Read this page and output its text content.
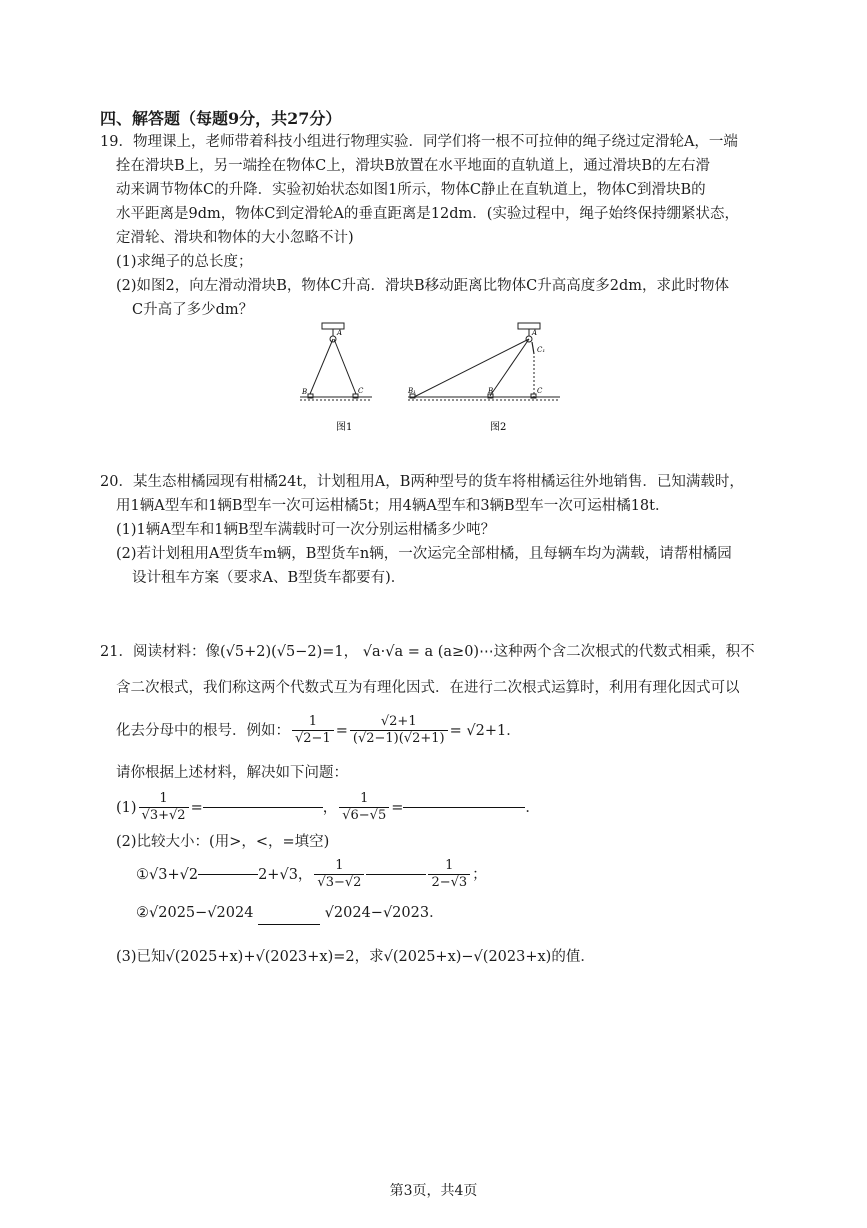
四、解答题（每题9分，共27分）

19．物理课上，老师带着科技小组进行物理实验．同学们将一根不可拉伸的绳子绕过定滑轮A，一端

拴在滑块B上，另一端拴在物体C上，滑块B放置在水平地面的直轨道上，通过滑块B的左右滑

动来调节物体C的升降．实验初始状态如图1所示，物体C静止在直轨道上，物体C到滑块B的

水平距离是9dm，物体C到定滑轮A的垂直距离是12dm．(实验过程中，绳子始终保持绷紧状态，

定滑轮、滑块和物体的大小忽略不计)

(1)求绳子的总长度；

(2)如图2，向左滑动滑块B，物体C升高．滑块B移动距离比物体C升高高度多2dm，求此时物体

C升高了多少dm？

A
B	C
图1
A
C₁
B₁	B	C
图2

20．某生态柑橘园现有柑橘24t，计划租用A，B两种型号的货车将柑橘运往外地销售．已知满载时，

用1辆A型车和1辆B型车一次可运柑橘5t；用4辆A型车和3辆B型车一次可运柑橘18t．

(1)1辆A型车和1辆B型车满载时可一次分别运柑橘多少吨？

(2)若计划租用A型货车m辆，B型货车n辆，一次运完全部柑橘，且每辆车均为满载，请帮柑橘园

设计租车方案（要求A、B型货车都要有)．

21．阅读材料：像(√5+2)(√5−2)=1， √a·√a = a (a≥0)⋯这种两个含二次根式的代数式相乘，积不

含二次根式，我们称这两个代数式互为有理化因式．在进行二次根式运算时，利用有理化因式可以

化去分母中的根号．例如： $\frac{1}{√2-1} = \frac{√2+1}{(√2-1)(√2+1)} = √2+1$．

请你根据上述材料，解决如下问题：

$(1) \frac{1}{√3+√2}$ =	， $\frac{1}{√6-√5}$ =	．

(2)比较大小：(用>，<，=填空)

①√3+√2	2+√3， $\frac{1}{√3-√2}$	$\frac{1}{2-√3}$ ；

②√2025−√2024	√2024−√2023．

(3)已知√(2025+x)+√(2023+x)=2，求√(2025+x)−√(2023+x)的值．

第3页，共4页
